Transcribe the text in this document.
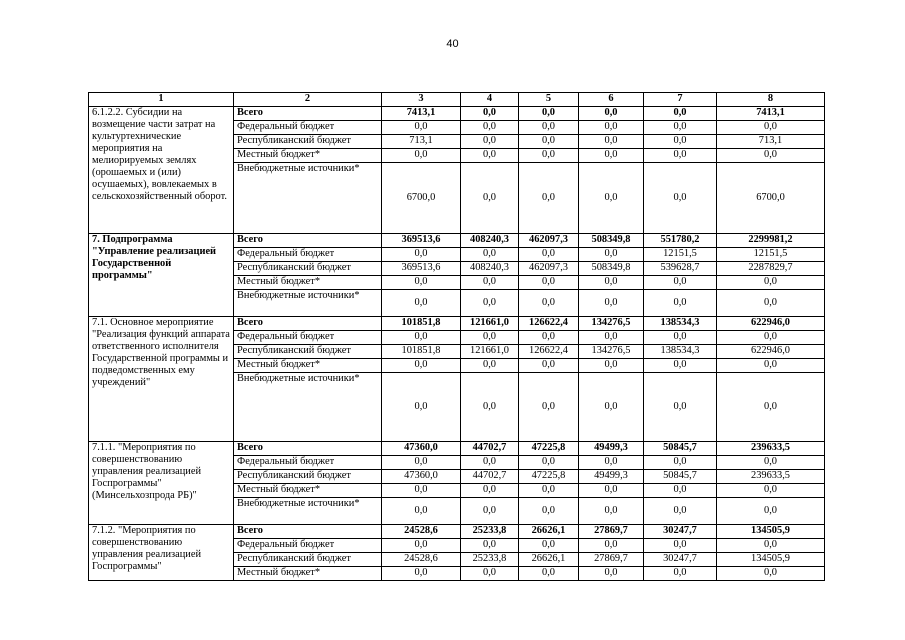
40
1	2	3	4	5	6	7	8
6.1.2.2. Субсидии на возмещение части затрат на культуртехнические мероприятия на мелиорируемых землях (орошаемых и (или) осушаемых), вовлекаемых в сельскохозяйственный оборот.	Всего	7413,1	0,0	0,0	0,0	0,0	7413,1
	Федеральный бюджет	0,0	0,0	0,0	0,0	0,0	0,0
	Республиканский бюджет	713,1	0,0	0,0	0,0	0,0	713,1
	Местный бюджет*	0,0	0,0	0,0	0,0	0,0	0,0
	Внебюджетные источники*	6700,0	0,0	0,0	0,0	0,0	6700,0
7. Подпрограмма "Управление реализацией Государственной программы"	Всего	369513,6	408240,3	462097,3	508349,8	551780,2	2299981,2
	Федеральный бюджет	0,0	0,0	0,0	0,0	12151,5	12151,5
	Республиканский бюджет	369513,6	408240,3	462097,3	508349,8	539628,7	2287829,7
	Местный бюджет*	0,0	0,0	0,0	0,0	0,0	0,0
	Внебюджетные источники*	0,0	0,0	0,0	0,0	0,0	0,0
7.1. Основное мероприятие "Реализация функций аппарата ответственного исполнителя Государственной программы и подведомственных ему учреждений"	Всего	101851,8	121661,0	126622,4	134276,5	138534,3	622946,0
	Федеральный бюджет	0,0	0,0	0,0	0,0	0,0	0,0
	Республиканский бюджет	101851,8	121661,0	126622,4	134276,5	138534,3	622946,0
	Местный бюджет*	0,0	0,0	0,0	0,0	0,0	0,0
	Внебюджетные источники*	0,0	0,0	0,0	0,0	0,0	0,0
7.1.1. "Мероприятия по совершенствованию управления реализацией Госпрограммы" (Минсельхозпрода РБ)"	Всего	47360,0	44702,7	47225,8	49499,3	50845,7	239633,5
	Федеральный бюджет	0,0	0,0	0,0	0,0	0,0	0,0
	Республиканский бюджет	47360,0	44702,7	47225,8	49499,3	50845,7	239633,5
	Местный бюджет*	0,0	0,0	0,0	0,0	0,0	0,0
	Внебюджетные источники*	0,0	0,0	0,0	0,0	0,0	0,0
7.1.2. "Мероприятия по совершенствованию управления реализацией Госпрограммы"	Всего	24528,6	25233,8	26626,1	27869,7	30247,7	134505,9
	Федеральный бюджет	0,0	0,0	0,0	0,0	0,0	0,0
	Республиканский бюджет	24528,6	25233,8	26626,1	27869,7	30247,7	134505,9
	Местный бюджет*	0,0	0,0	0,0	0,0	0,0	0,0
